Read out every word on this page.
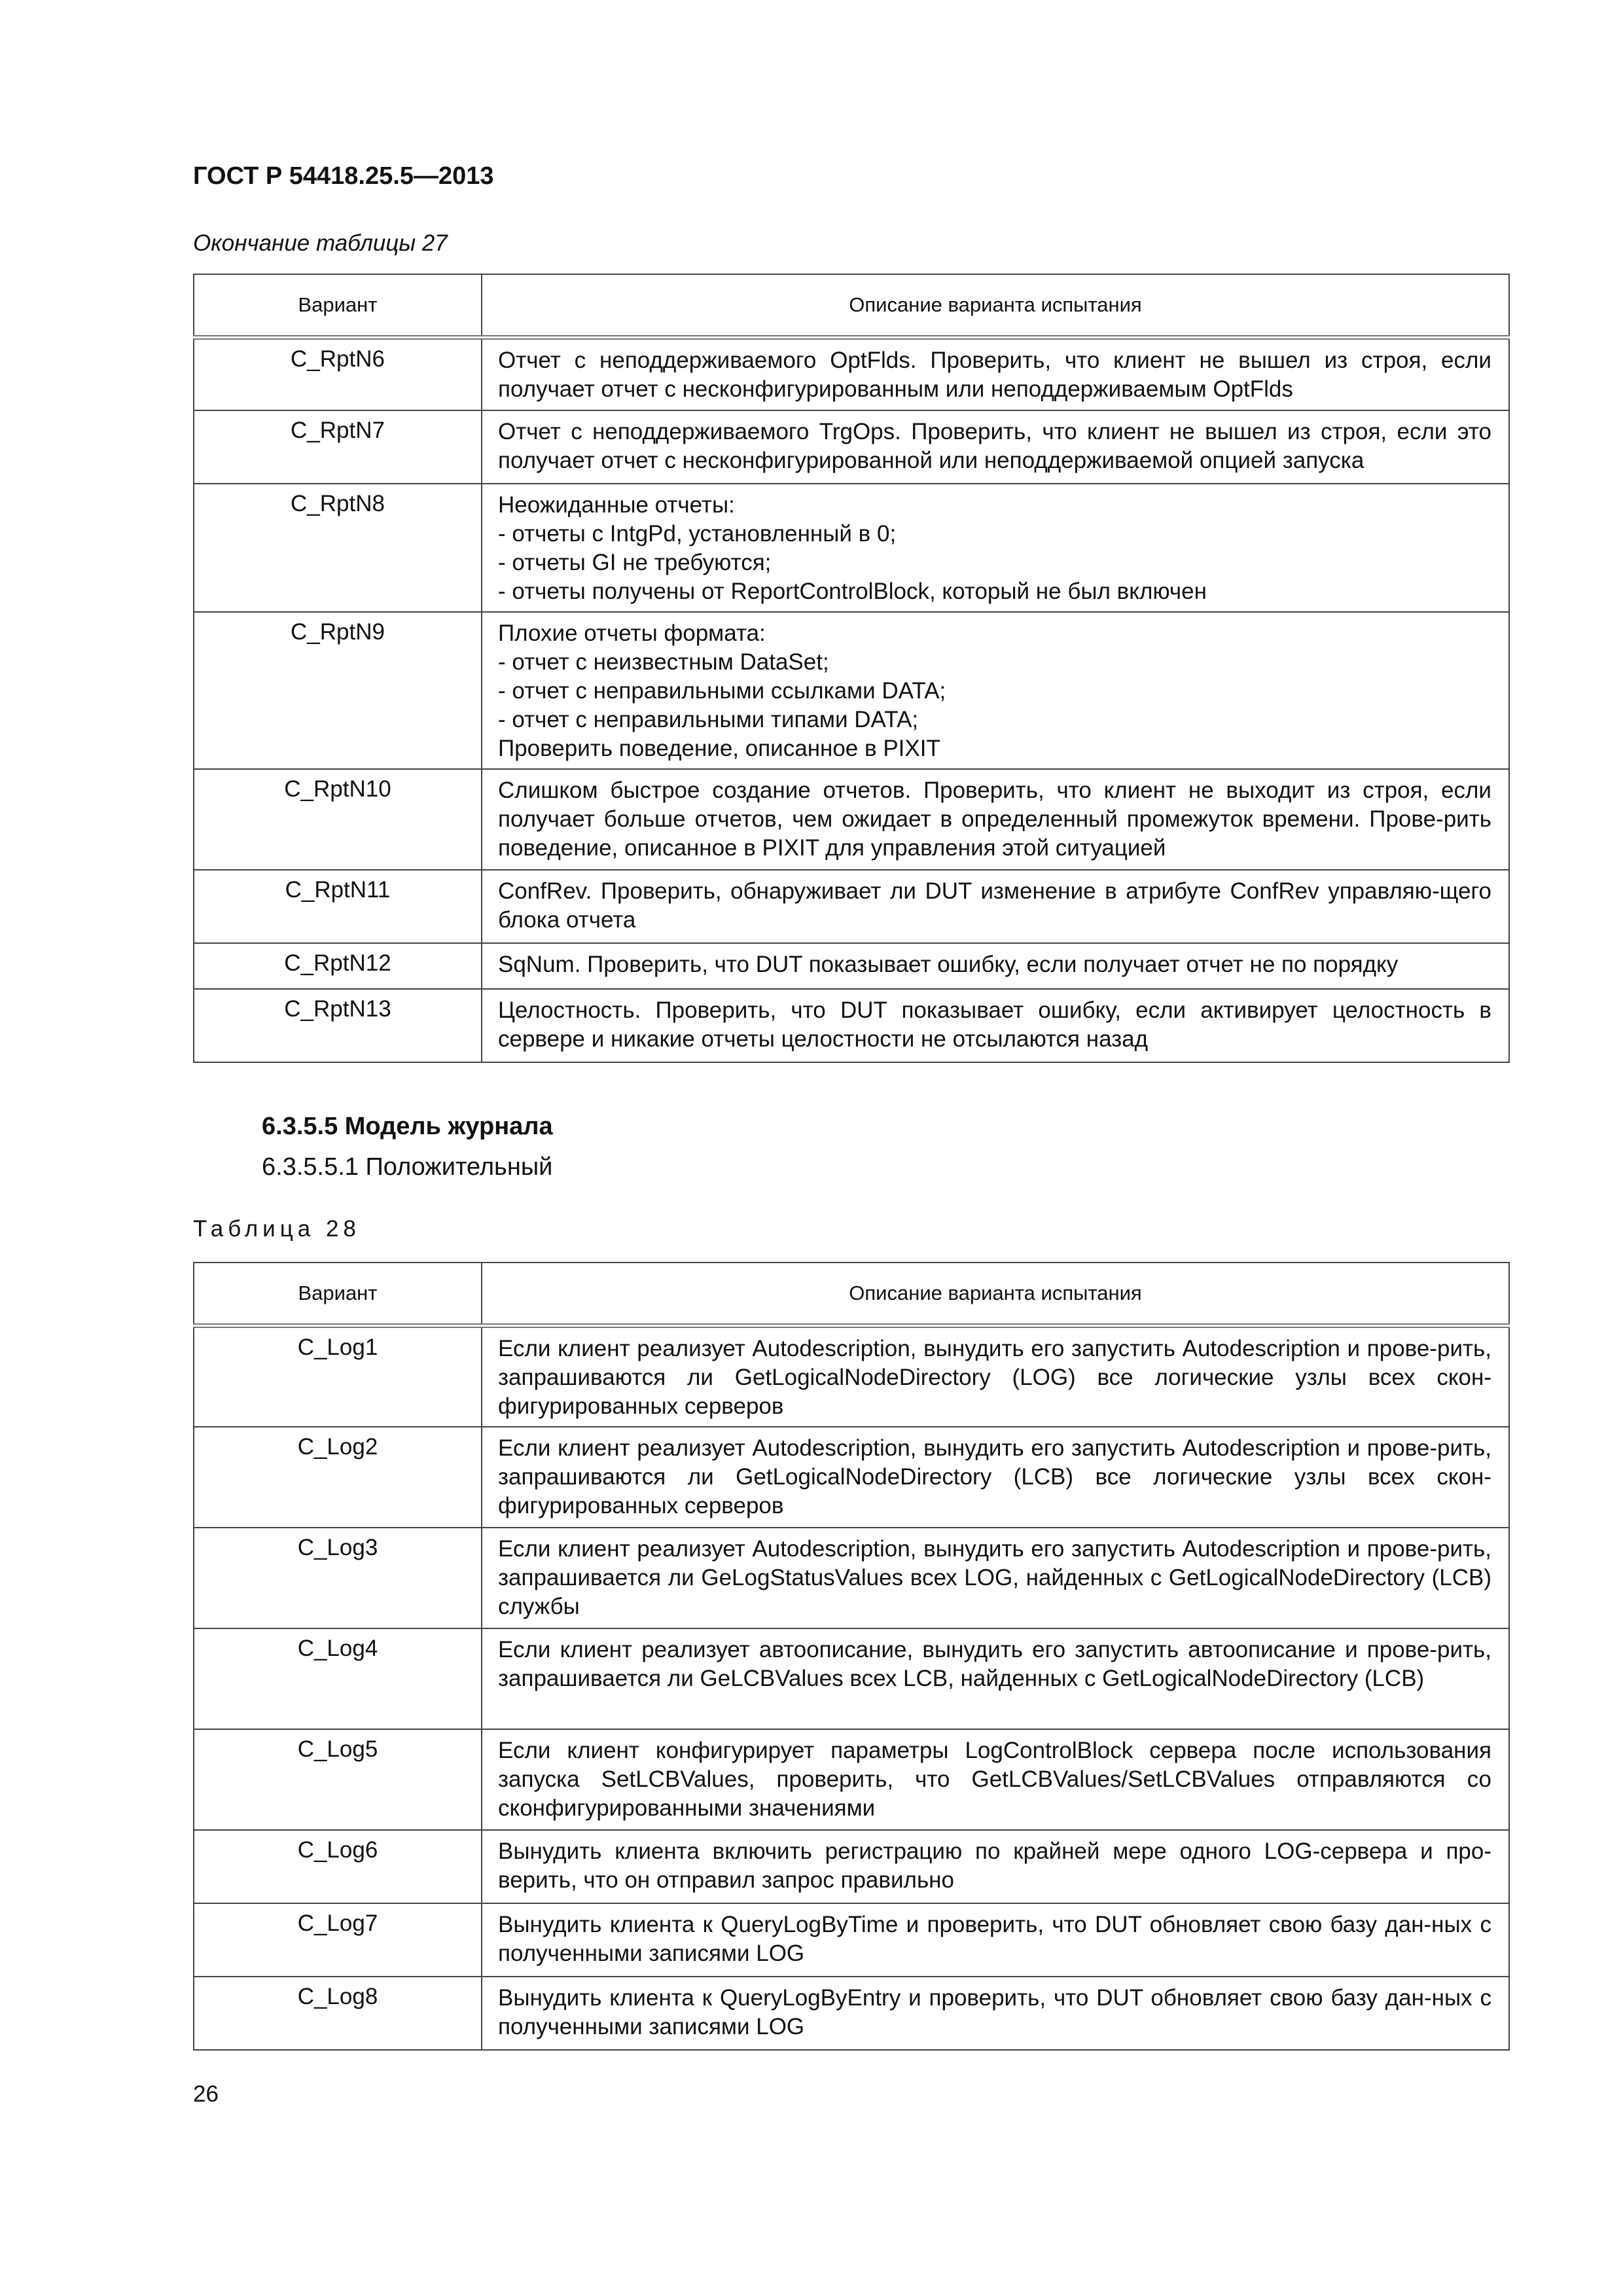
ГОСТ Р 54418.25.5—2013
Окончание таблицы 27
Вариант	Описание варианта испытания
C_RptN6	Отчет с неподдерживаемого OptFlds. Проверить, что клиент не вышел из строя, если получает отчет с несконфигурированным или неподдерживаемым OptFlds
C_RptN7	Отчет с неподдерживаемого TrgOps. Проверить, что клиент не вышел из строя, если это получает отчет с несконфигурированной или неподдерживаемой опцией запуска
C_RptN8	Неожиданные отчеты:
- отчеты с IntgPd, установленный в 0;
- отчеты GI не требуются;
- отчеты получены от ReportControlBlock, который не был включен

C_RptN9	Плохие отчеты формата:
- отчет с неизвестным DataSet;
- отчет с неправильными ссылками DATA;
- отчет с неправильными типами DATA;
Проверить поведение, описанное в PIXIT

C_RptN10	Слишком быстрое создание отчетов. Проверить, что клиент не выходит из строя, если получает больше отчетов, чем ожидает в определенный промежуток времени. Прове-рить поведение, описанное в PIXIT для управления этой ситуацией
C_RptN11	ConfRev. Проверить, обнаруживает ли DUT изменение в атрибуте ConfRev управляю-щего блока отчета
C_RptN12	SqNum. Проверить, что DUT показывает ошибку, если получает отчет не по порядку
C_RptN13	Целостность. Проверить, что DUT показывает ошибку, если активирует целостность в сервере и никакие отчеты целостности не отсылаются назад
6.3.5.5 Модель журнала
6.3.5.5.1 Положительный
Таблица 28
Вариант	Описание варианта испытания
C_Log1	Если клиент реализует Autodescription, вынудить его запустить Autodescription и прове-рить, запрашиваются ли GetLogicalNodeDirectory (LOG) все логические узлы всех скон-фигурированных серверов
C_Log2	Если клиент реализует Autodescription, вынудить его запустить Autodescription и прове-рить, запрашиваются ли GetLogicalNodeDirectory (LCB) все логические узлы всех скон-фигурированных серверов
C_Log3	Если клиент реализует Autodescription, вынудить его запустить Autodescription и прове-рить, запрашивается ли GeLogStatusValues всех LOG, найденных с GetLogicalNodeDirectory (LCB) службы
C_Log4	Если клиент реализует автоописание, вынудить его запустить автоописание и прове-рить, запрашивается ли GeLCBValues всех LCB, найденных с GetLogicalNodeDirectory (LCB)
C_Log5	Если клиент конфигурирует параметры LogControlBlock сервера после использования запуска SetLCBValues, проверить, что GetLCBValues/SetLCBValues отправляются со сконфигурированными значениями
C_Log6	Вынудить клиента включить регистрацию по крайней мере одного LOG-сервера и про-верить, что он отправил запрос правильно
C_Log7	Вынудить клиента к QueryLogByTime и проверить, что DUT обновляет свою базу дан-ных с полученными записями LOG
C_Log8	Вынудить клиента к QueryLogByEntry и проверить, что DUT обновляет свою базу дан-ных с полученными записями LOG
26
